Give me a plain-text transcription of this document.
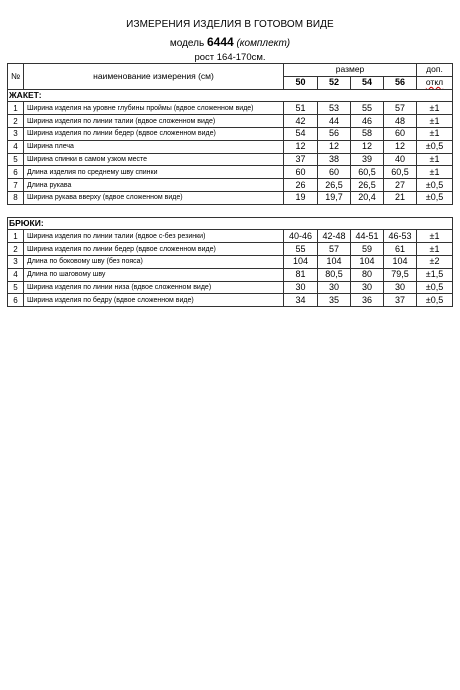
ИЗМЕРЕНИЯ ИЗДЕЛИЯ В ГОТОВОМ ВИДЕ
модель 6444 (комплект)
рост 164-170см.
№	наименование измерения (см)	размер				доп.
		50	52	54	56	откл
ЖАКЕТ:						
1	Ширина изделия на уровне глубины проймы (вдвое сложенном виде)	51	53	55	57	±1
2	Ширина изделия по линии талии (вдвое сложенном виде)	42	44	46	48	±1
3	Ширина изделия по линии бедер (вдвое сложенном виде)	54	56	58	60	±1
4	Ширина плеча	12	12	12	12	±0,5
5	Ширина спинки в самом узком месте	37	38	39	40	±1
6	Длина изделия по среднему шву спинки	60	60	60,5	60,5	±1
7	Длина рукава	26	26,5	26,5	27	±0,5
8	Ширина рукава вверху (вдвое сложенном виде)	19	19,7	20,4	21	±0,5

БРЮКИ:						
1	Ширина изделия по линии талии (вдвое с-без резинки)	40-46	42-48	44-51	46-53	±1
2	Ширина изделия по линии бедер (вдвое сложенном виде)	55	57	59	61	±1
3	Длина по боковому шву (без пояса)	104	104	104	104	±2
4	Длина по шаговому шву	81	80,5	80	79,5	±1,5
5	Ширина изделия по линии низа (вдвое сложенном виде)	30	30	30	30	±0,5
6	Ширина изделия по бедру (вдвое сложенном виде)	34	35	36	37	±0,5
